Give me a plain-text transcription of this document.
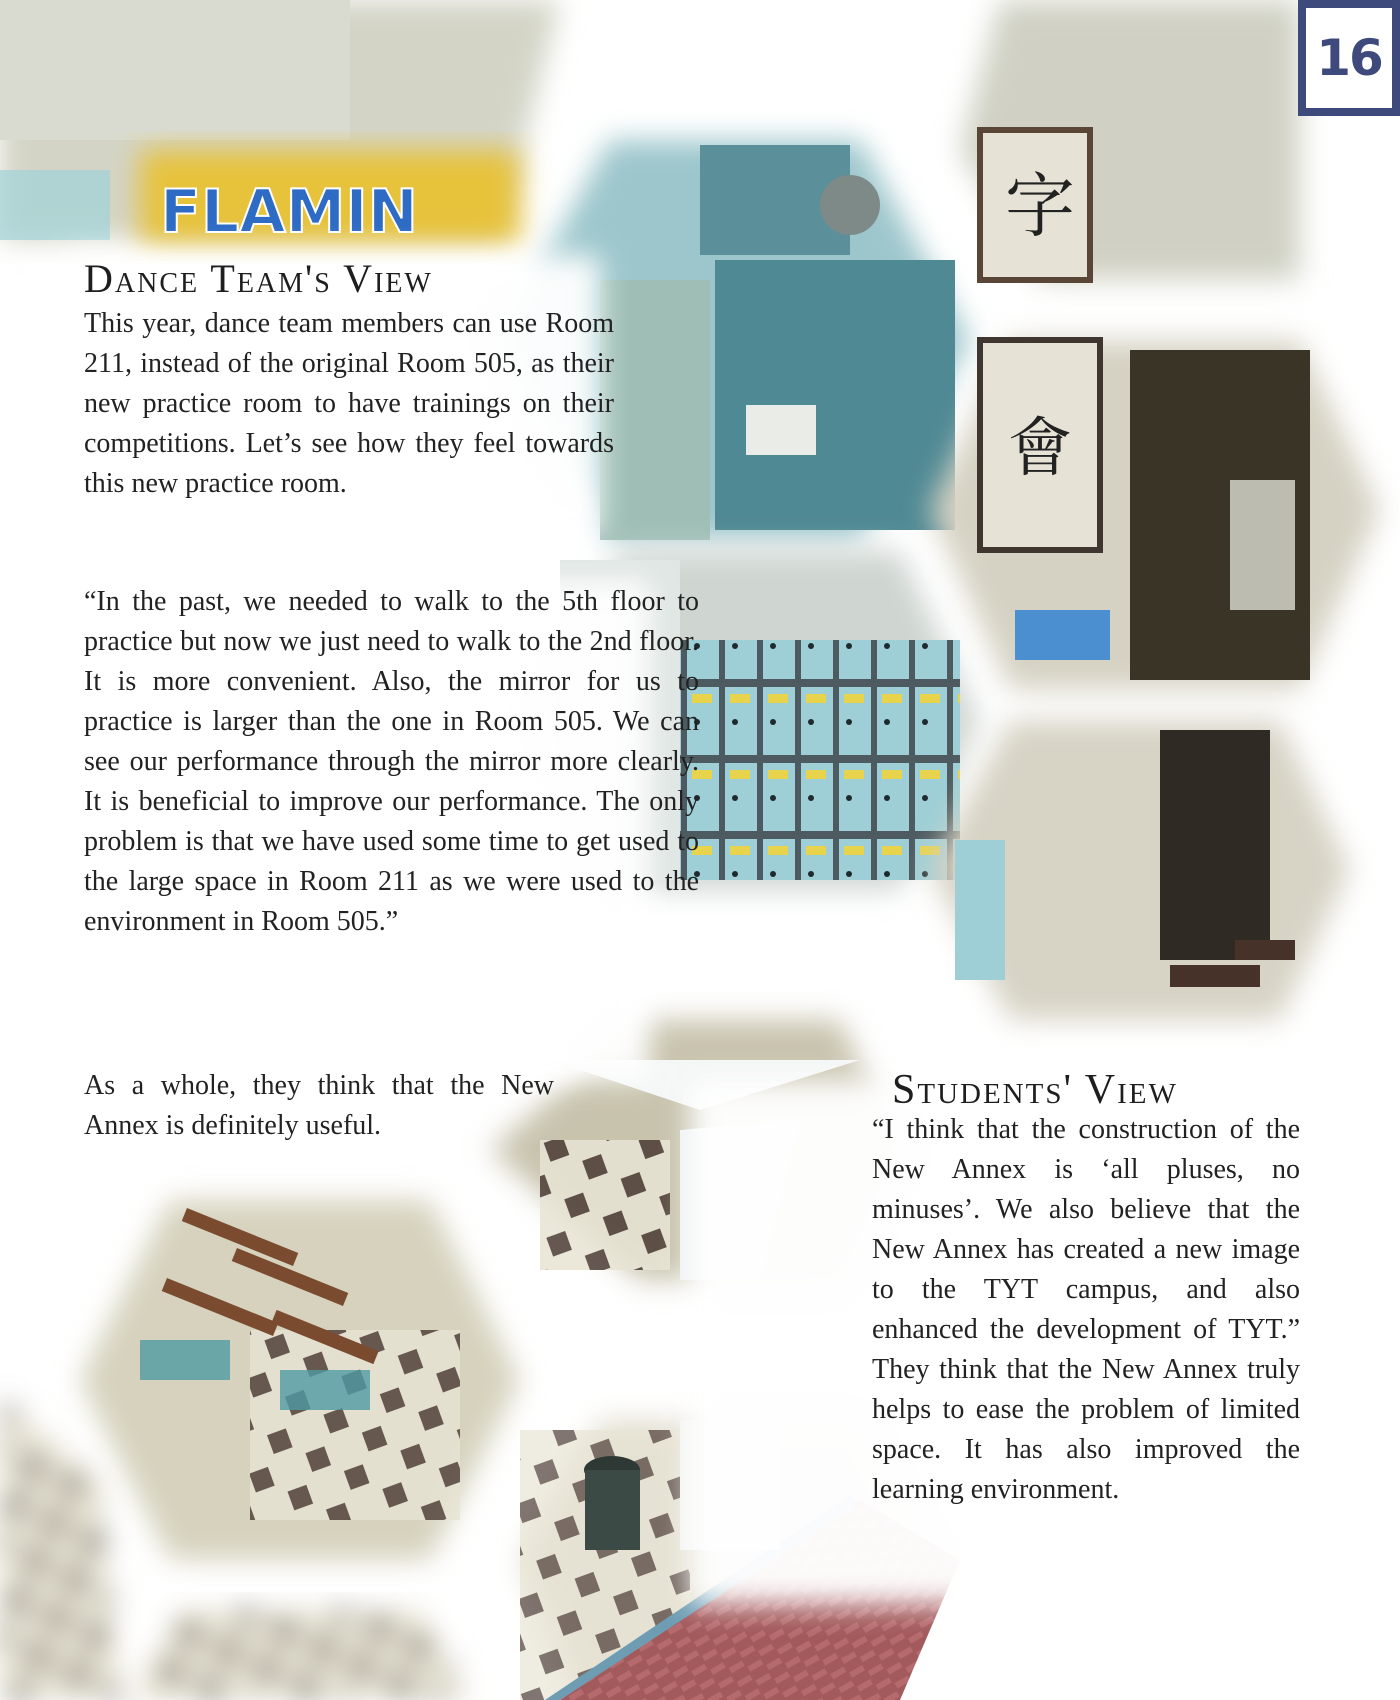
FLAMIN	字
會
16
Dance Team's View

This year, dance team members can use Room 211, instead of the original Room 505, as their new practice room to have trainings on their competitions. Let’s see how they feel towards this new practice room.

“In the past, we needed to walk to the 5th floor to practice but now we just need to walk to the 2nd floor. It is more convenient. Also, the mirror for us to practice is larger than the one in Room 505. We can see our performance through the mirror more clearly. It is beneficial to improve our performance. The only problem is that we have used some time to get used to the large space in Room 211 as we were used to the environment in Room 505.”

As a whole, they think that the New Annex is definitely useful.

Students' View

“I think that the construction of the New Annex is ‘all pluses, no minuses’. We also believe that the New Annex has created a new image to the TYT campus, and also enhanced the development of TYT.” They think that the New Annex truly helps to ease the problem of limited space. It has also improved the learning environment.
